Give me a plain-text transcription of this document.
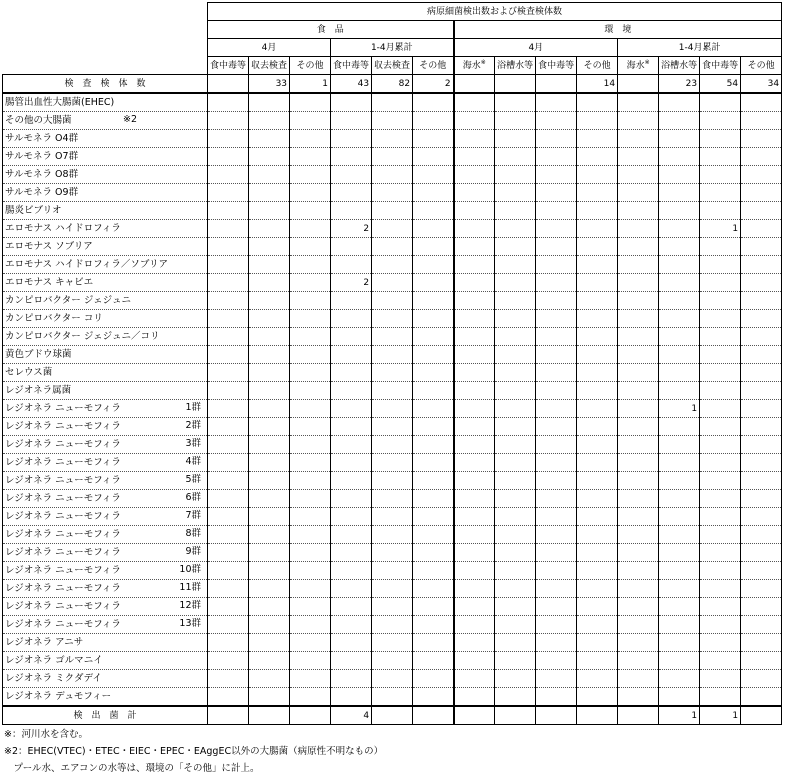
	病原細菌検出数および検査検体数													
	食　品						環　境							
	4月			1-4月累計			4月				1-4月累計			
	食中毒等	収去検査	その他	食中毒等	収去検査	その他	海水※	浴槽水等	食中毒等	その他	海水※	浴槽水等	食中毒等	その他
検　査　検　体　数		33	1	43	82	2				14		23	54	34
腸管出血性大腸菌(EHEC)														
その他の大腸菌 ※2														

サルモネラ O4群														
サルモネラ O7群														
サルモネラ O8群														
サルモネラ O9群														
腸炎ビブリオ														
エロモナス ハイドロフィラ				2									1	
エロモナス ソブリア														
エロモナス ハイドロフィラ／ソブリア														
エロモナス キャビエ				2										
カンピロバクター ジェジュニ														
カンピロバクター コリ														
カンピロバクター ジェジュニ／コリ														
黄色ブドウ球菌														
セレウス菌														
レジオネラ属菌														
レジオネラ ニューモフィラ 1群												1		
レジオネラ ニューモフィラ 2群														

レジオネラ ニューモフィラ 3群														

レジオネラ ニューモフィラ 4群														

レジオネラ ニューモフィラ 5群														

レジオネラ ニューモフィラ 6群														

レジオネラ ニューモフィラ 7群														

レジオネラ ニューモフィラ 8群														

レジオネラ ニューモフィラ 9群														

レジオネラ ニューモフィラ 10群														

レジオネラ ニューモフィラ 11群														

レジオネラ ニューモフィラ 12群														

レジオネラ ニューモフィラ 13群														

レジオネラ アニサ														
レジオネラ ゴルマニイ														
レジオネラ ミクダデイ														
レジオネラ デュモフィー														
検　出　菌　計				4								1	1	
※：河川水を含む。
※2：EHEC(VTEC)・ETEC・EIEC・EPEC・EAggEC以外の大腸菌（病原性不明なもの）
　プール水、エアコンの水等は、環境の「その他」に計上。
